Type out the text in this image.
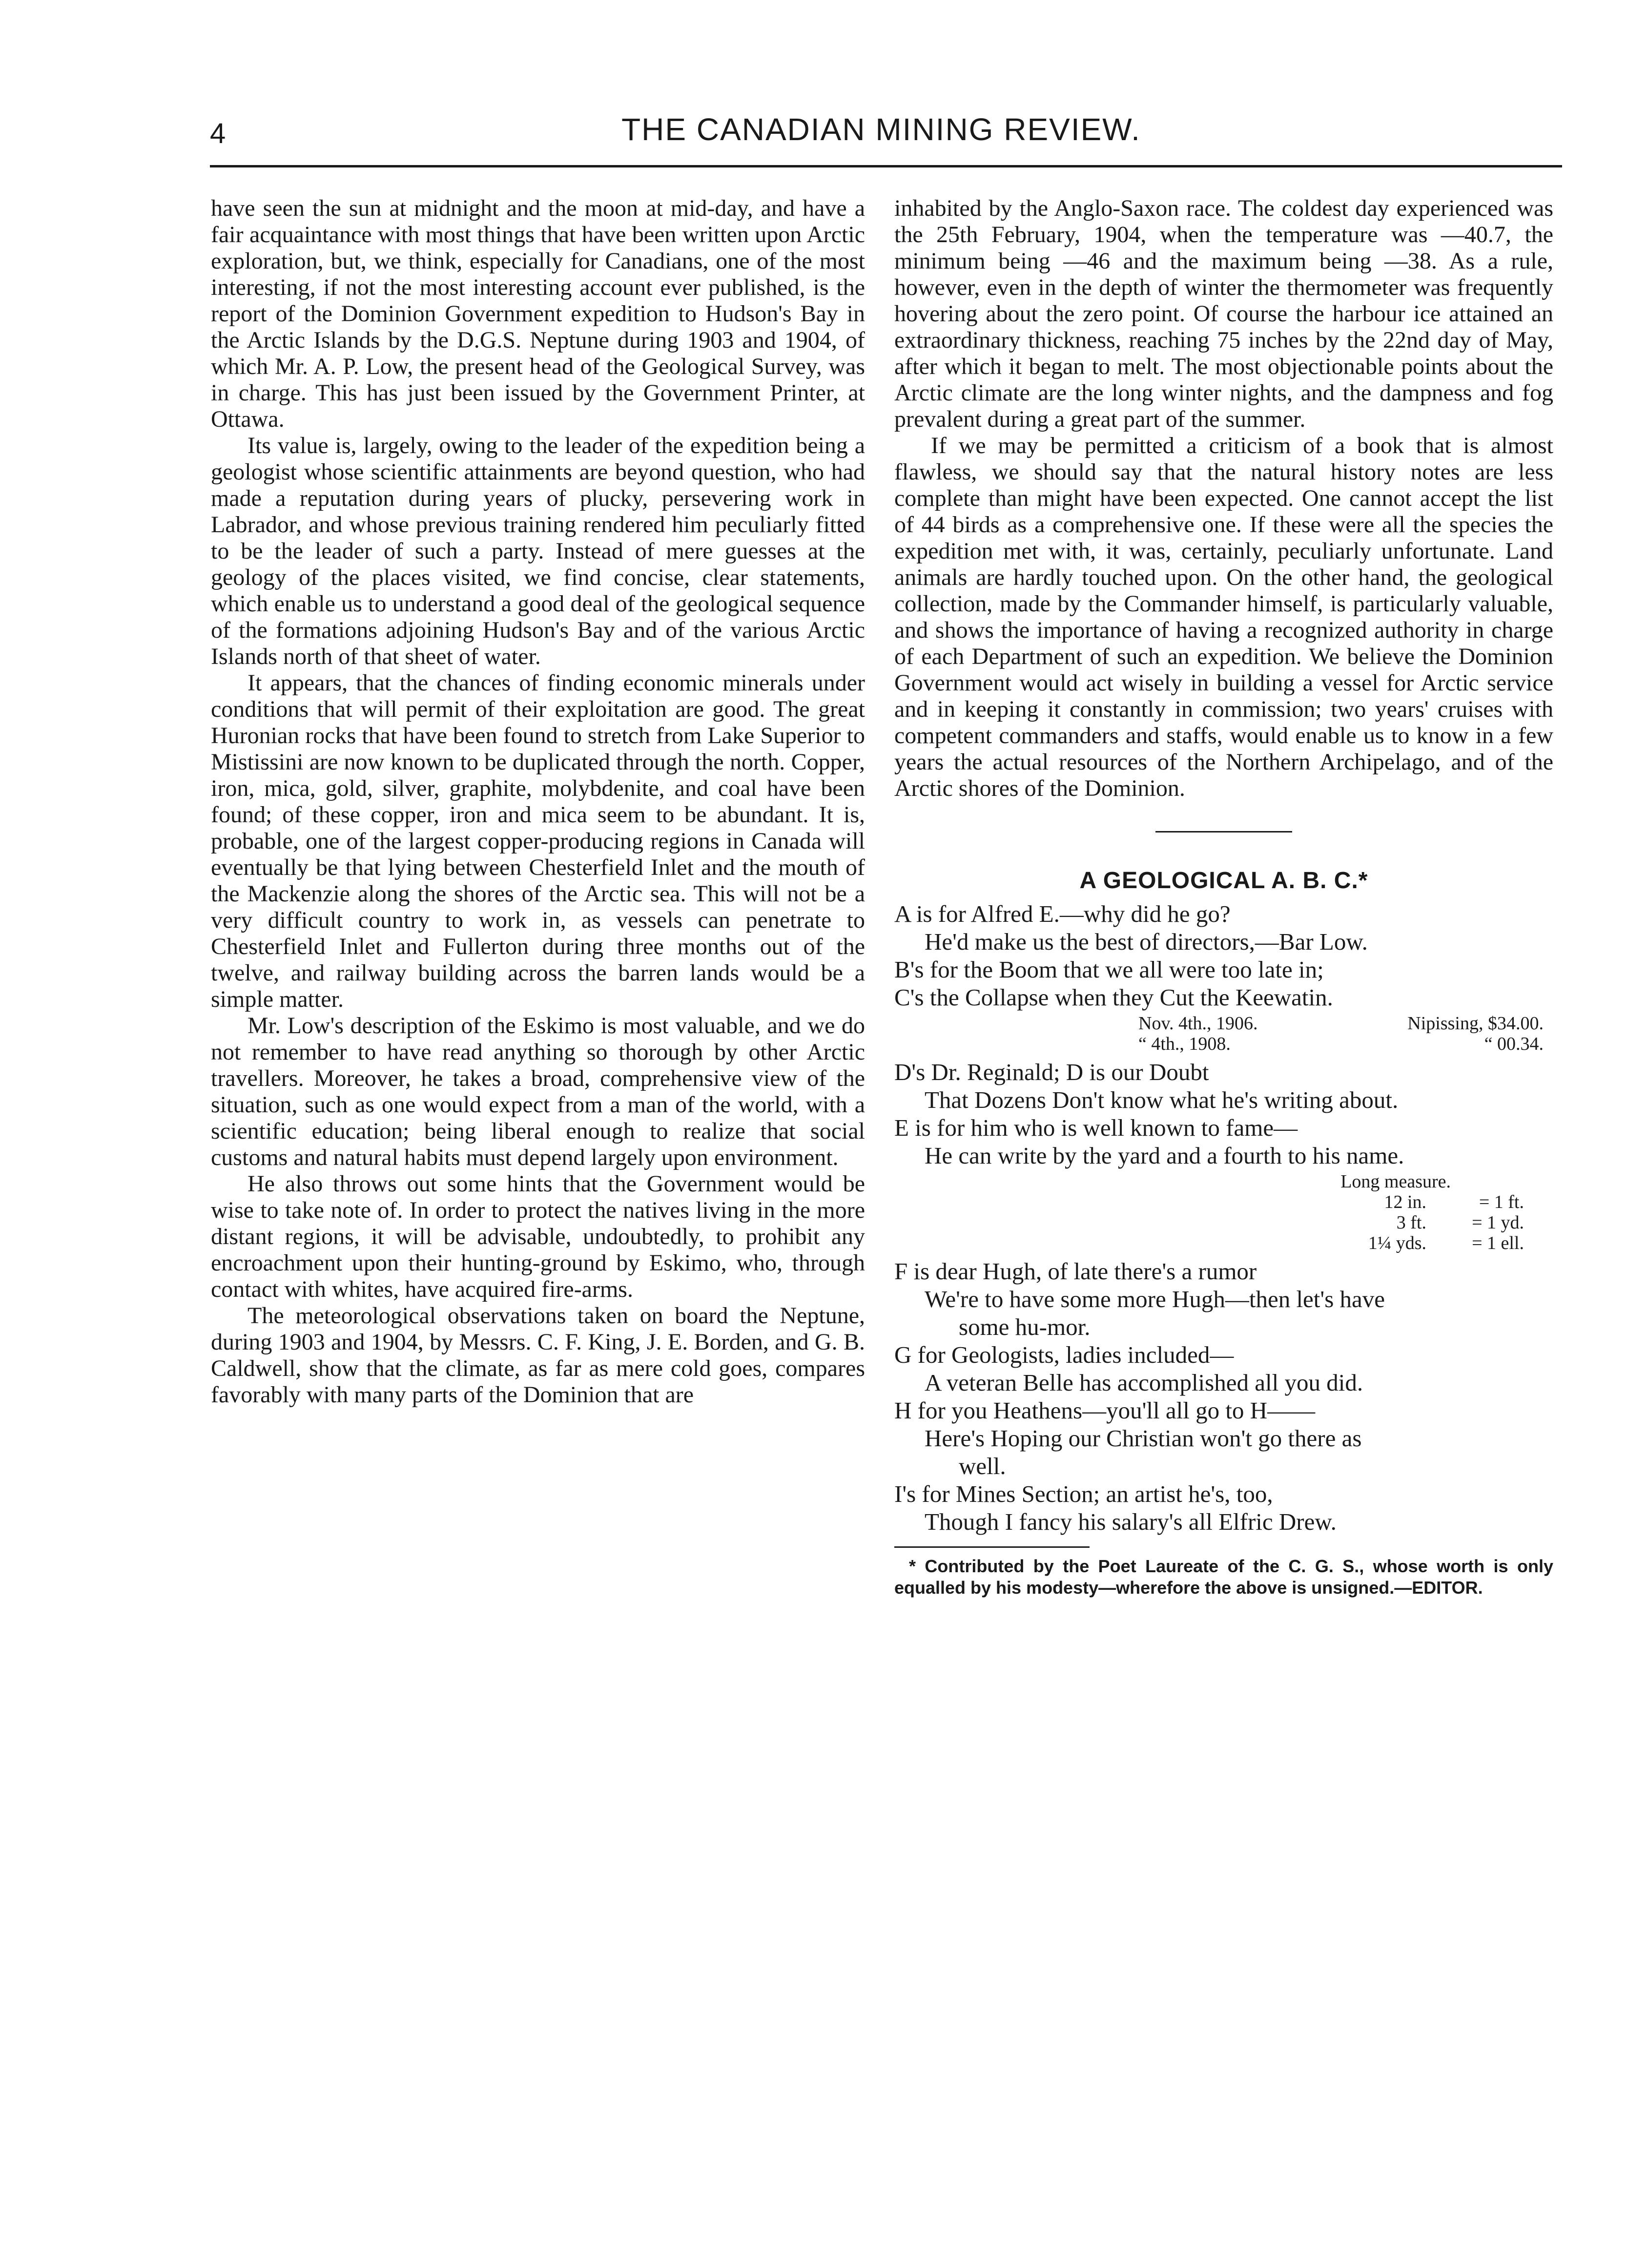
4	THE CANADIAN MINING REVIEW.

have seen the sun at midnight and the moon at mid-day, and have a fair acquaintance with most things that have been written upon Arctic exploration, but, we think, especially for Canadians, one of the most interesting, if not the most interesting account ever published, is the report of the Dominion Government expedition to Hudson's Bay in the Arctic Islands by the D.G.S. Neptune during 1903 and 1904, of which Mr. A. P. Low, the present head of the Geological Survey, was in charge. This has just been issued by the Government Printer, at Ottawa.

Its value is, largely, owing to the leader of the expedition being a geologist whose scientific attainments are beyond question, who had made a reputation during years of plucky, persevering work in Labrador, and whose previous training rendered him peculiarly fitted to be the leader of such a party. Instead of mere guesses at the geology of the places visited, we find concise, clear statements, which enable us to understand a good deal of the geological sequence of the formations adjoining Hudson's Bay and of the various Arctic Islands north of that sheet of water.

It appears, that the chances of finding economic minerals under conditions that will permit of their exploitation are good. The great Huronian rocks that have been found to stretch from Lake Superior to Mistissini are now known to be duplicated through the north. Copper, iron, mica, gold, silver, graphite, molybdenite, and coal have been found; of these copper, iron and mica seem to be abundant. It is, probable, one of the largest copper-producing regions in Canada will eventually be that lying between Chesterfield Inlet and the mouth of the Mackenzie along the shores of the Arctic sea. This will not be a very difficult country to work in, as vessels can penetrate to Chesterfield Inlet and Fullerton during three months out of the twelve, and railway building across the barren lands would be a simple matter.

Mr. Low's description of the Eskimo is most valuable, and we do not remember to have read anything so thorough by other Arctic travellers. Moreover, he takes a broad, comprehensive view of the situation, such as one would expect from a man of the world, with a scientific education; being liberal enough to realize that social customs and natural habits must depend largely upon environment.

He also throws out some hints that the Government would be wise to take note of. In order to protect the natives living in the more distant regions, it will be advisable, undoubtedly, to prohibit any encroachment upon their hunting-ground by Eskimo, who, through contact with whites, have acquired fire-arms.

The meteorological observations taken on board the Neptune, during 1903 and 1904, by Messrs. C. F. King, J. E. Borden, and G. B. Caldwell, show that the climate, as far as mere cold goes, compares favorably with many parts of the Dominion that are

inhabited by the Anglo-Saxon race. The coldest day experienced was the 25th February, 1904, when the temperature was —40.7, the minimum being —46 and the maximum being —38. As a rule, however, even in the depth of winter the thermometer was frequently hovering about the zero point. Of course the harbour ice attained an extraordinary thickness, reaching 75 inches by the 22nd day of May, after which it began to melt. The most objectionable points about the Arctic climate are the long winter nights, and the dampness and fog prevalent during a great part of the summer.

If we may be permitted a criticism of a book that is almost flawless, we should say that the natural history notes are less complete than might have been expected. One cannot accept the list of 44 birds as a comprehensive one. If these were all the species the expedition met with, it was, certainly, peculiarly unfortunate. Land animals are hardly touched upon. On the other hand, the geological collection, made by the Commander himself, is particularly valuable, and shows the importance of having a recognized authority in charge of each Department of such an expedition. We believe the Dominion Government would act wisely in building a vessel for Arctic service and in keeping it constantly in commission; two years' cruises with competent commanders and staffs, would enable us to know in a few years the actual resources of the Northern Archipelago, and of the Arctic shores of the Dominion.

A GEOLOGICAL A. B. C.*
A is for Alfred E.—why did he go?
He'd make us the best of directors,—Bar Low.
B's for the Boom that we all were too late in;
C's the Collapse when they Cut the Keewatin.
Nov. 4th., 1906.	Nipissing, $34.00.
“ 4th., 1908.	“ 00.34.
D's Dr. Reginald; D is our Doubt
That Dozens Don't know what he's writing about.
E is for him who is well known to fame—
He can write by the yard and a fourth to his name.
Long measure.
12 in.	= 1 ft.
3 ft.	= 1 yd.
1¼ yds.	= 1 ell.
F is dear Hugh, of late there's a rumor
We're to have some more Hugh—then let's have
some hu-mor.
G for Geologists, ladies included—
A veteran Belle has accomplished all you did.
H for you Heathens—you'll all go to H——
Here's Hoping our Christian won't go there as
well.
I's for Mines Section; an artist he's, too,
Though I fancy his salary's all Elfric Drew.
* Contributed by the Poet Laureate of the C. G. S., whose worth is only equalled by his modesty—wherefore the above is unsigned.—EDITOR.
